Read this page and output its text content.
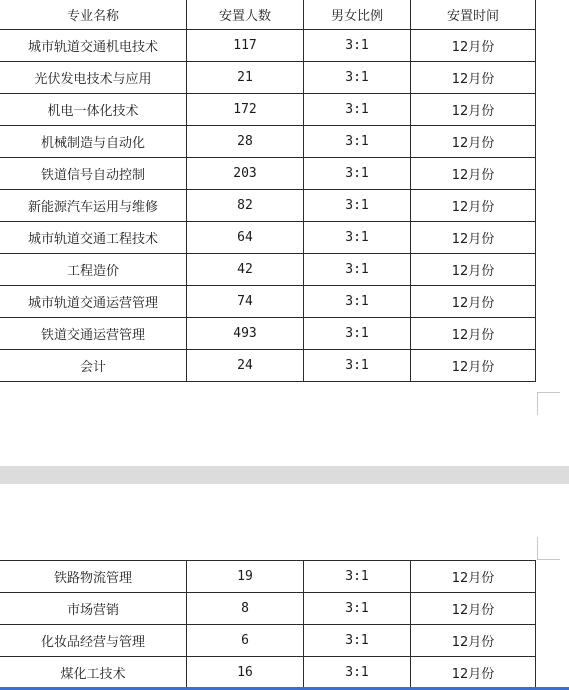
专业名称	安置人数	男女比例	安置时间
城市轨道交通机电技术	117	3:1	12月份
光伏发电技术与应用	21	3:1	12月份
机电一体化技术	172	3:1	12月份
机械制造与自动化	28	3:1	12月份
铁道信号自动控制	203	3:1	12月份
新能源汽车运用与维修	82	3:1	12月份
城市轨道交通工程技术	64	3:1	12月份
工程造价	42	3:1	12月份
城市轨道交通运营管理	74	3:1	12月份
铁道交通运营管理	493	3:1	12月份
会计	24	3:1	12月份
铁路物流管理	19	3:1	12月份
市场营销	8	3:1	12月份
化妆品经营与管理	6	3:1	12月份
煤化工技术	16	3:1	12月份
